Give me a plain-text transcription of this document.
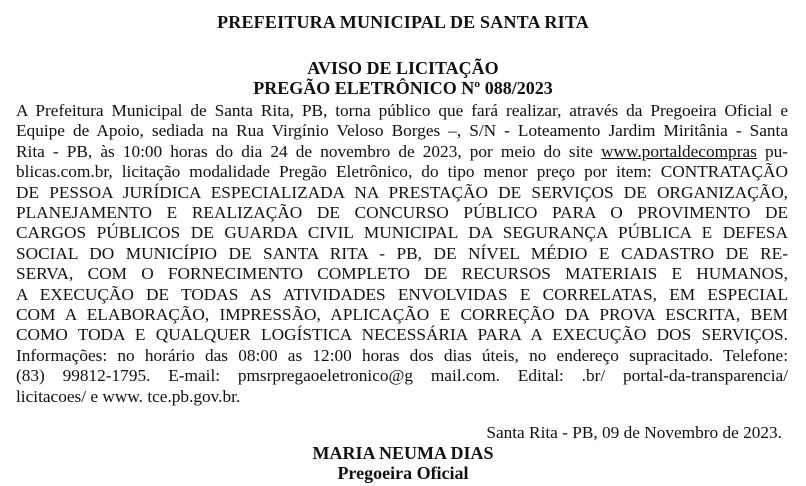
PREFEITURA MUNICIPAL DE SANTA RITA
AVISO DE LICITAÇÃO
PREGÃO ELETRÔNICO Nº 088/2023
A Prefeitura Municipal de Santa Rita, PB, torna público que fará realizar, através da Pregoeira Oficial e
Equipe de Apoio, sediada na Rua Virgínio Veloso Borges –, S/N - Loteamento Jardim Miritânia - Santa
Rita - PB, às 10:00 horas do dia 24 de novembro de 2023, por meio do site www.portaldecompras pu-
blicas.com.br, licitação modalidade Pregão Eletrônico, do tipo menor preço por item: CONTRATAÇÃO
DE PESSOA JURÍDICA ESPECIALIZADA NA PRESTAÇÃO DE SERVIÇOS DE ORGANIZAÇÃO,
PLANEJAMENTO E REALIZAÇÃO DE CONCURSO PÚBLICO PARA O PROVIMENTO DE
CARGOS PÚBLICOS DE GUARDA CIVIL MUNICIPAL DA SEGURANÇA PÚBLICA E DEFESA
SOCIAL DO MUNICÍPIO DE SANTA RITA - PB, DE NÍVEL MÉDIO E CADASTRO DE RE-
SERVA, COM O FORNECIMENTO COMPLETO DE RECURSOS MATERIAIS E HUMANOS,
A EXECUÇÃO DE TODAS AS ATIVIDADES ENVOLVIDAS E CORRELATAS, EM ESPECIAL
COM A ELABORAÇÃO, IMPRESSÃO, APLICAÇÃO E CORREÇÃO DA PROVA ESCRITA, BEM
COMO TODA E QUALQUER LOGÍSTICA NECESSÁRIA PARA A EXECUÇÃO DOS SERVIÇOS.
Informações: no horário das 08:00 as 12:00 horas dos dias úteis, no endereço supracitado. Telefone:
(83) 99812-1795. E-mail: pmsrpregaoeletronico@g mail.com. Edital: .br/ portal-da-transparencia/
licitacoes/ e www. tce.pb.gov.br.
Santa Rita - PB, 09 de Novembro de 2023.
MARIA NEUMA DIAS
Pregoeira Oficial
